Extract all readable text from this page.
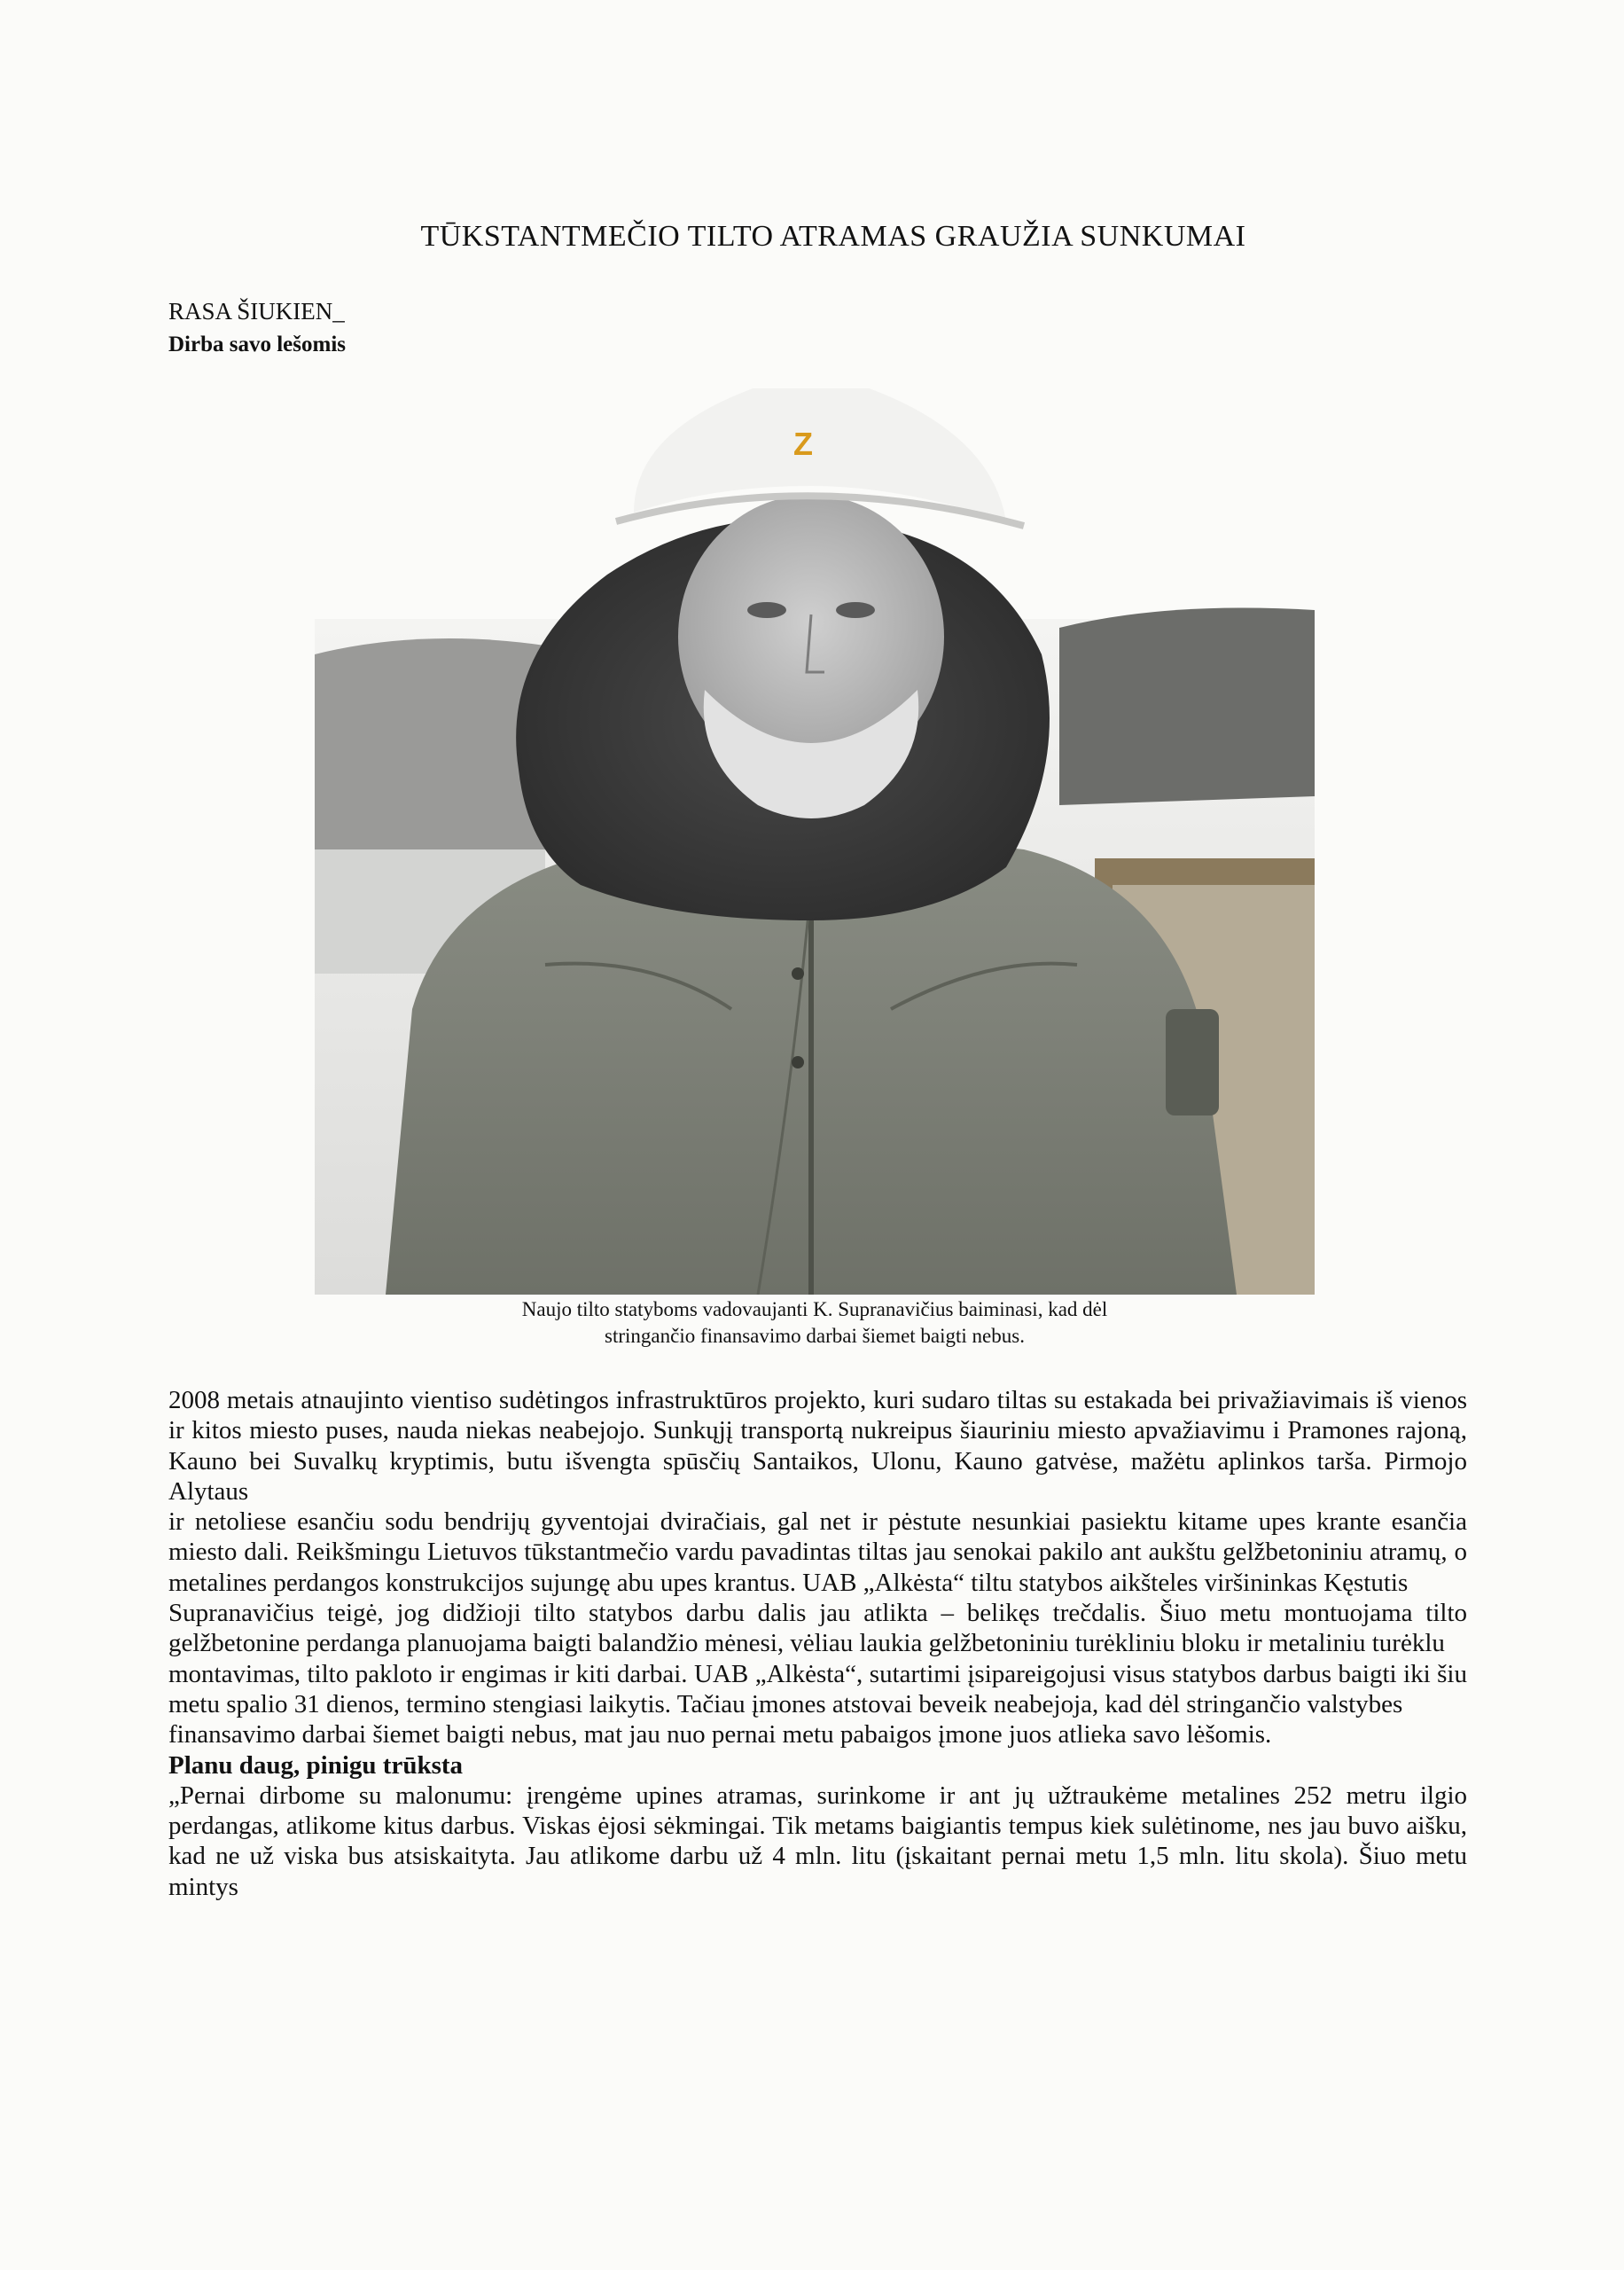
TŪKSTANTMEČIO TILTO ATRAMAS GRAUŽIA SUNKUMAI

RASA ŠIUKIEN_

Dirba savo lešomis

Z

Naujo tilto statyboms vadovaujanti K. Supranavičius baiminasi, kad dėl
stringančio finansavimo darbai šiemet baigti nebus.

2008 metais atnaujinto vientiso sudėtingos infrastruktūros projekto, kuri sudaro tiltas su estakada bei privažiavimais iš vienos ir kitos miesto puses, nauda niekas neabejojo. Sunkųjį transportą nukreipus šiauriniu miesto apvažiavimu i Pramones rajoną, Kauno bei Suvalkų kryptimis, butu išvengta spūsčių Santaikos, Ulonu, Kauno gatvėse, mažėtu aplinkos tarša. Pirmojo Alytaus

ir netoliese esančiu sodu bendrijų gyventojai dviračiais, gal net ir pėstute nesunkiai pasiektu kitame upes krante esančia miesto dali. Reikšmingu Lietuvos tūkstantmečio vardu pavadintas tiltas jau senokai pakilo ant aukštu gelžbetoniniu atramų, o metalines perdangos konstrukcijos sujungę abu upes krantus. UAB „Alkėsta“ tiltu statybos aikšteles viršininkas Kęstutis

Supranavičius teigė, jog didžioji tilto statybos darbu dalis jau atlikta – belikęs trečdalis. Šiuo metu montuojama tilto gelžbetonine perdanga planuojama baigti balandžio mėnesi, vėliau laukia gelžbetoniniu turėkliniu bloku ir metaliniu turėklu

montavimas, tilto pakloto ir engimas ir kiti darbai. UAB „Alkėsta“, sutartimi įsipareigojusi visus statybos darbus baigti iki šiu metu spalio 31 dienos, termino stengiasi laikytis. Tačiau įmones atstovai beveik neabejoja, kad dėl stringančio valstybes

finansavimo darbai šiemet baigti nebus, mat jau nuo pernai metu pabaigos įmone juos atlieka savo lėšomis.

Planu daug, pinigu trūksta

„Pernai dirbome su malonumu: įrengėme upines atramas, surinkome ir ant jų užtraukėme metalines 252 metru ilgio perdangas, atlikome kitus darbus. Viskas ėjosi sėkmingai. Tik metams baigiantis tempus kiek sulėtinome, nes jau buvo aišku, kad ne už viska bus atsiskaityta. Jau atlikome darbu už 4 mln. litu (įskaitant pernai metu 1,5 mln. litu skola). Šiuo metu mintys
